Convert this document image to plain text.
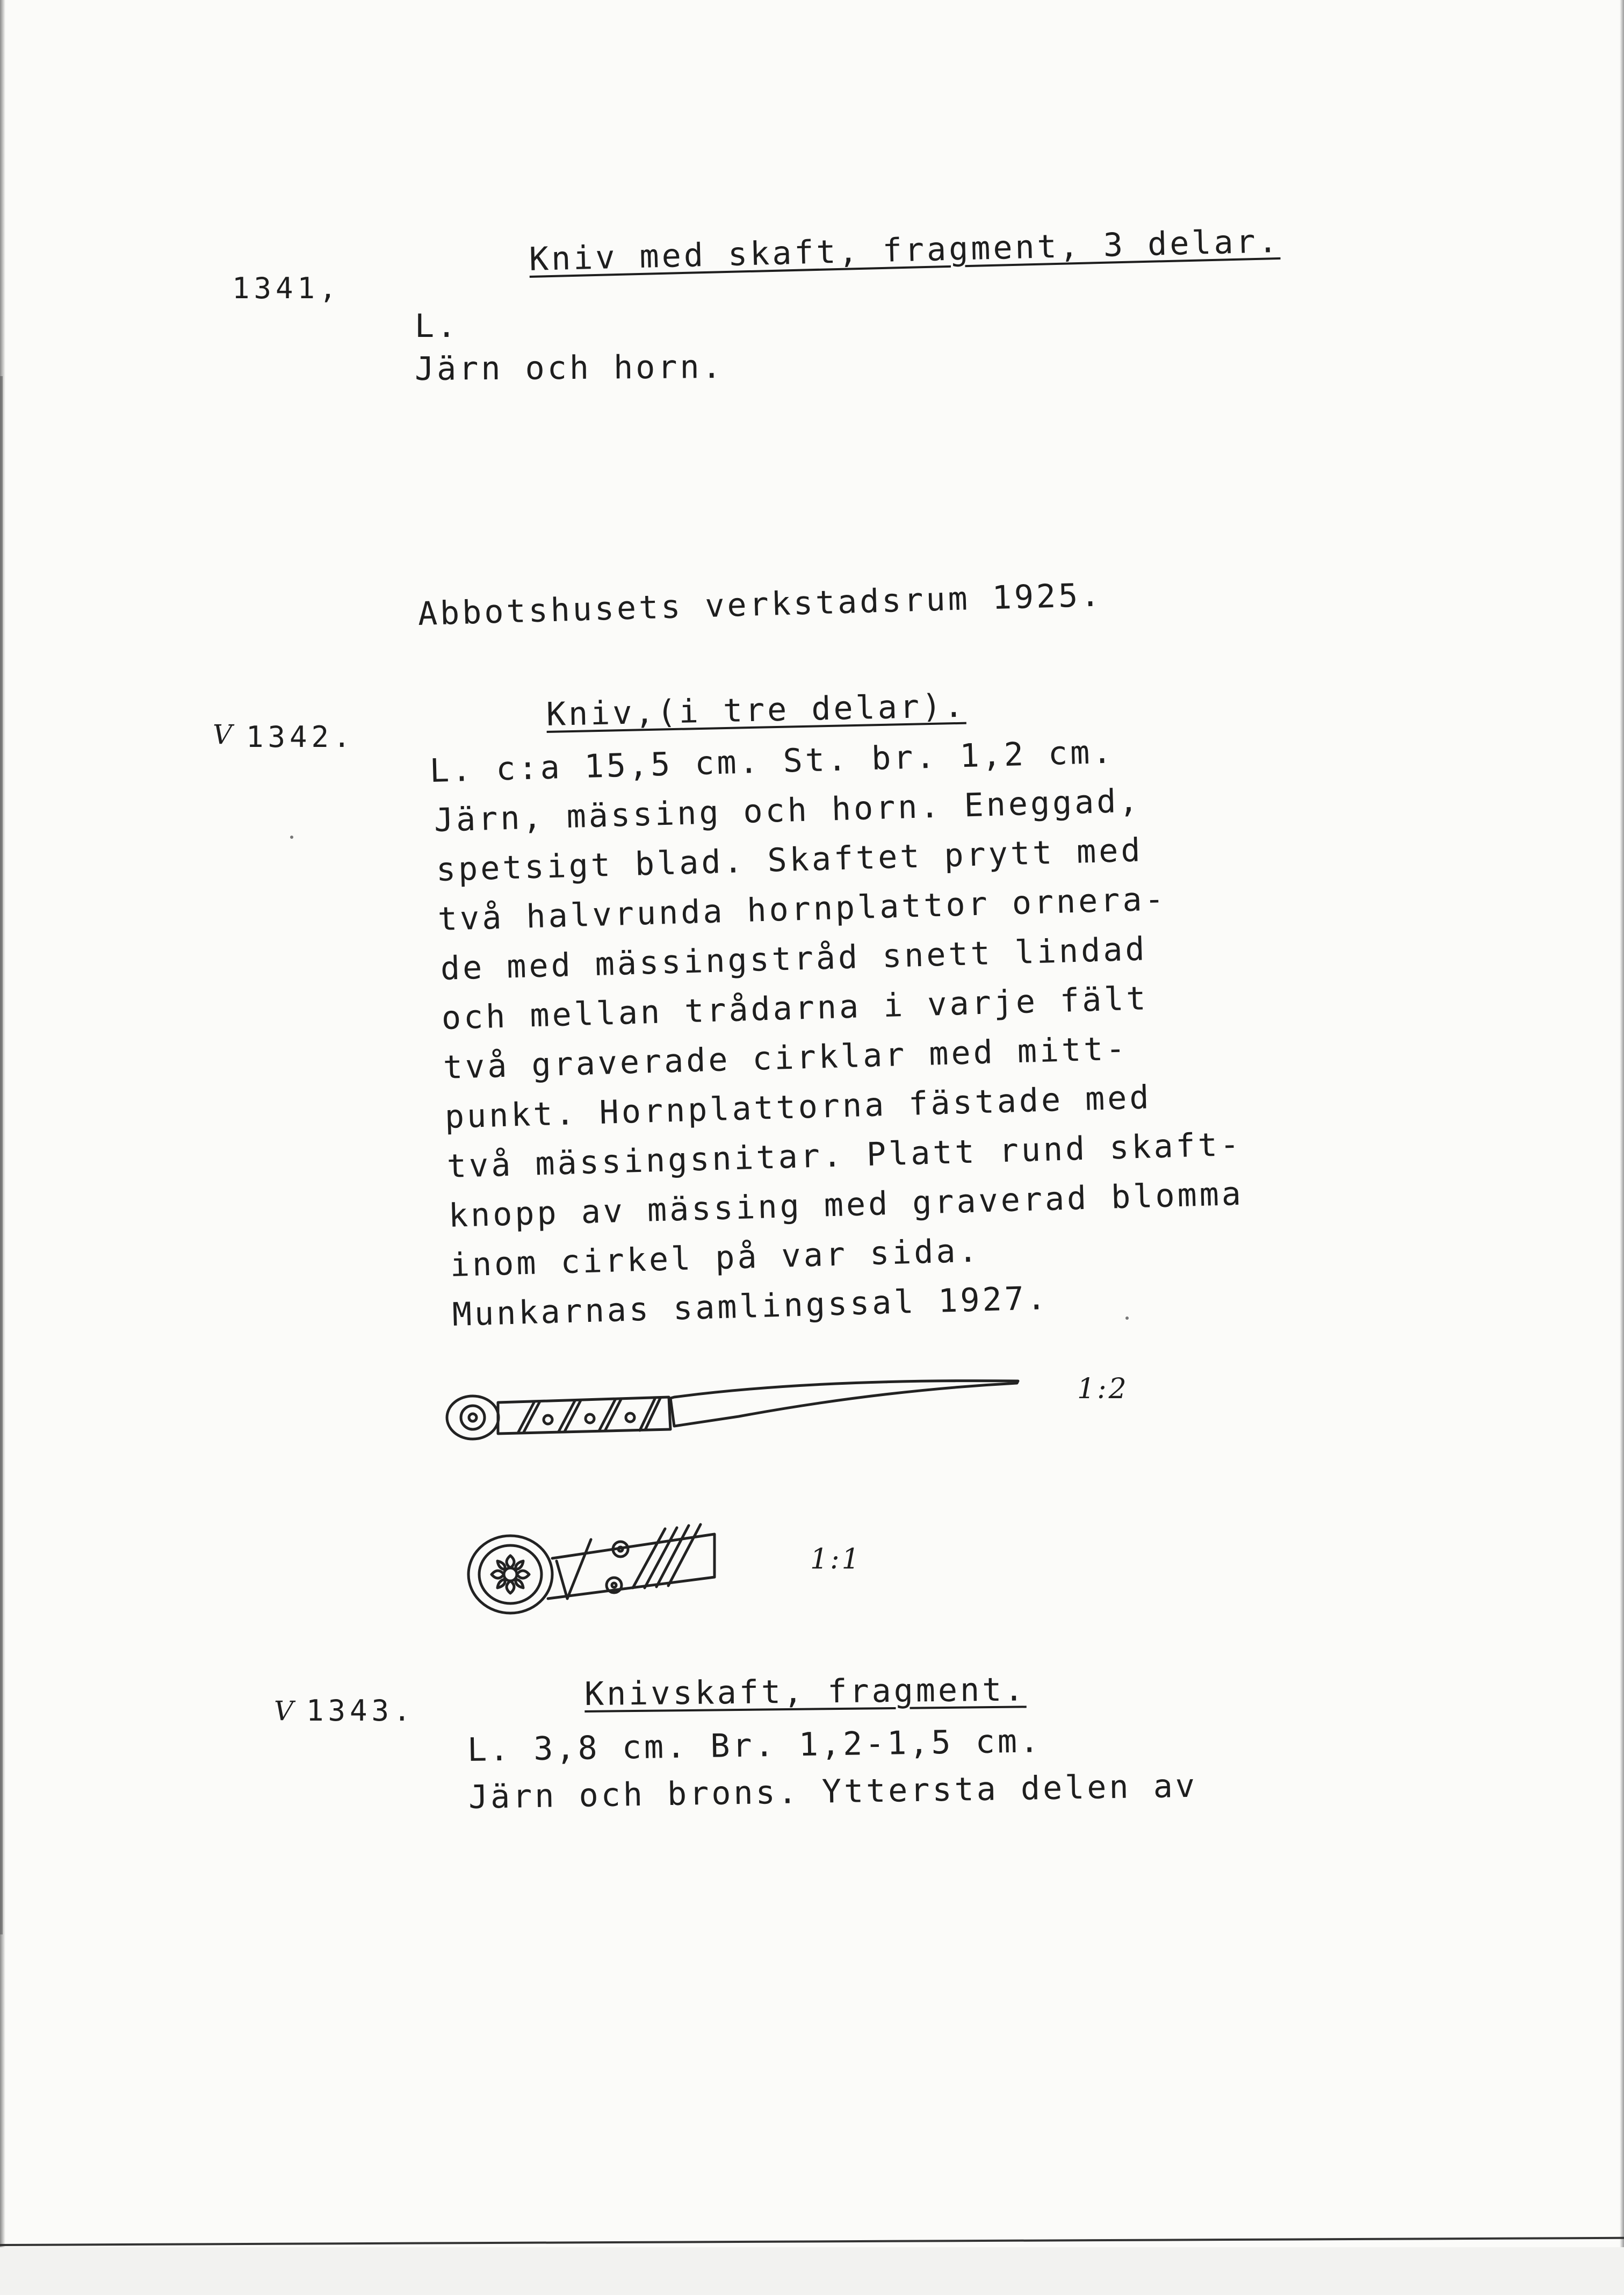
1341,
Kniv med skaft, fragment, 3 delar.
L.
Järn och horn.
Abbotshusets verkstadsrum 1925.
V 1342.
Kniv,(i tre delar).
L. c:a 15,5 cm. St. br. 1,2 cm.
Järn, mässing och horn. Eneggad,
spetsigt blad. Skaftet prytt med
två halvrunda hornplattor ornera-
de med mässingstråd snett lindad
och mellan trådarna i varje fält
två graverade cirklar med mitt-
punkt. Hornplattorna fästade med
två mässingsnitar. Platt rund skaft-
knopp av mässing med graverad blomma
inom cirkel på var sida.
Munkarnas samlingssal 1927.
1:2
1:1
V 1343.	Knivskaft, fragment.
L. 3,8 cm. Br. 1,2-1,5 cm.
Järn och brons. Yttersta delen av
